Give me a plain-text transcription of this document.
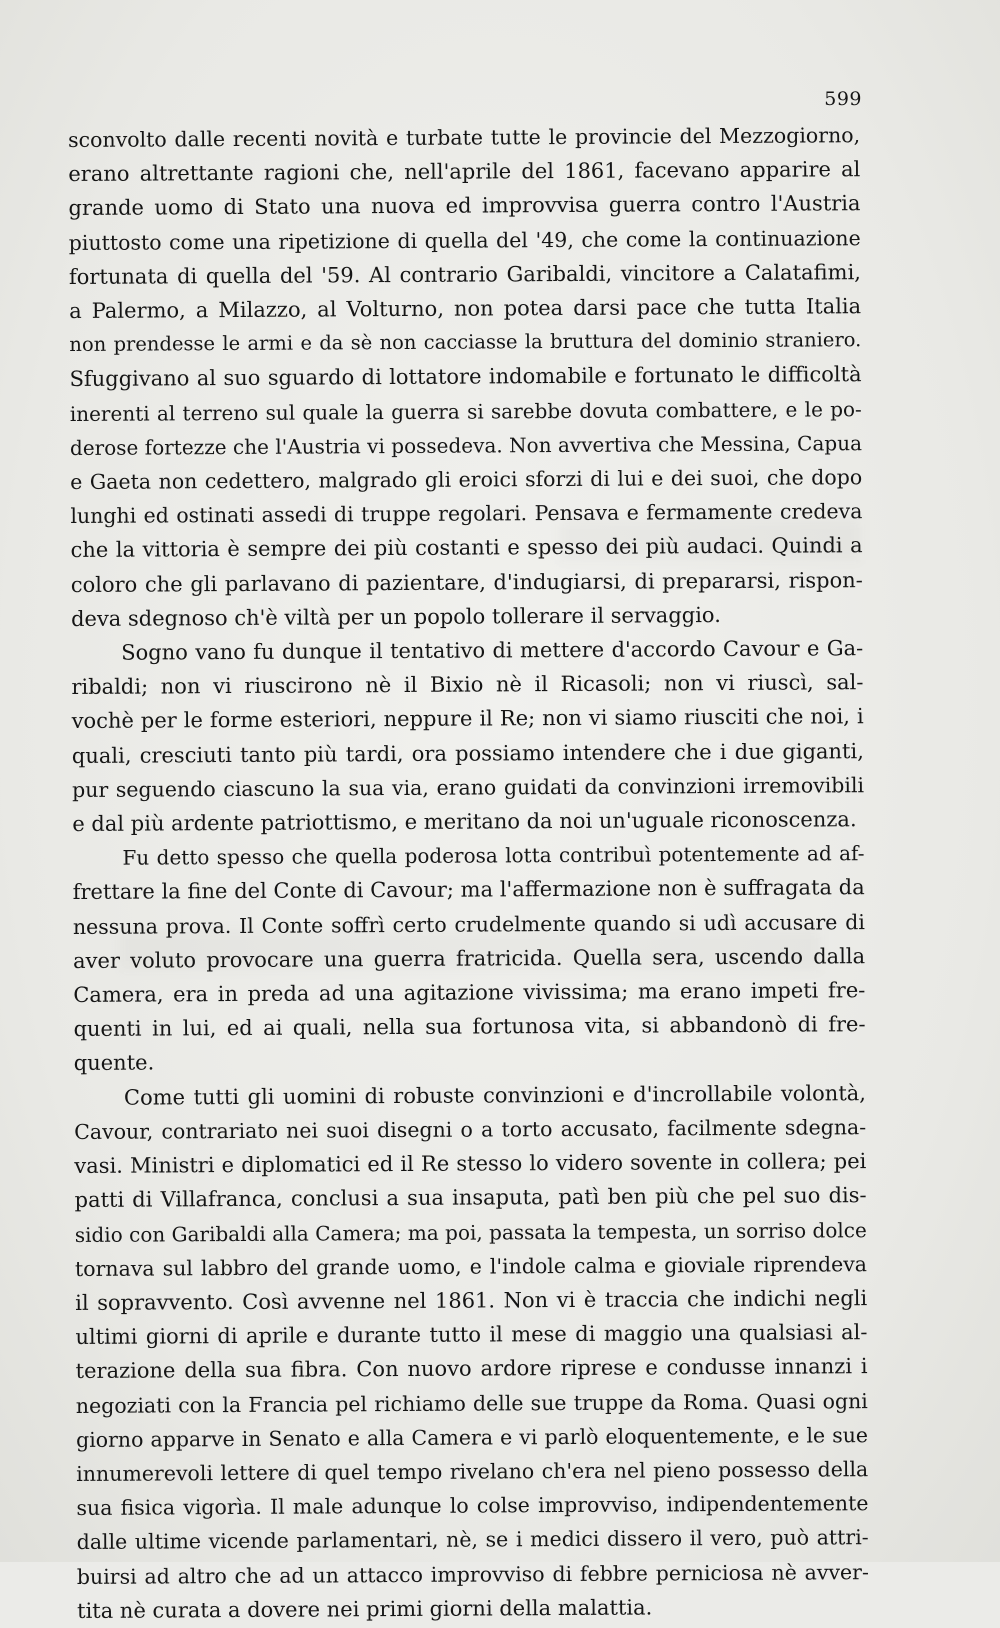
599

sconvolto dalle recenti novità e turbate tutte le provincie del Mezzogiorno,
erano altrettante ragioni che, nell'aprile del 1861, facevano apparire al
grande uomo di Stato una nuova ed improvvisa guerra contro l'Austria
piuttosto come una ripetizione di quella del '49, che come la continuazione
fortunata di quella del '59. Al contrario Garibaldi, vincitore a Calatafimi,
a Palermo, a Milazzo, al Volturno, non potea darsi pace che tutta Italia
non prendesse le armi e da sè non cacciasse la bruttura del dominio straniero.
Sfuggivano al suo sguardo di lottatore indomabile e fortunato le difficoltà
inerenti al terreno sul quale la guerra si sarebbe dovuta combattere, e le po-
derose fortezze che l'Austria vi possedeva. Non avvertiva che Messina, Capua
e Gaeta non cedettero, malgrado gli eroici sforzi di lui e dei suoi, che dopo
lunghi ed ostinati assedi di truppe regolari. Pensava e fermamente credeva
che la vittoria è sempre dei più costanti e spesso dei più audaci. Quindi a
coloro che gli parlavano di pazientare, d'indugiarsi, di prepararsi, rispon-
deva sdegnoso ch'è viltà per un popolo tollerare il servaggio.

Sogno vano fu dunque il tentativo di mettere d'accordo Cavour e Ga-
ribaldi; non vi riuscirono nè il Bixio nè il Ricasoli; non vi riuscì, sal-
vochè per le forme esteriori, neppure il Re; non vi siamo riusciti che noi, i
quali, cresciuti tanto più tardi, ora possiamo intendere che i due giganti,
pur seguendo ciascuno la sua via, erano guidati da convinzioni irremovibili
e dal più ardente patriottismo, e meritano da noi un'uguale riconoscenza.

Fu detto spesso che quella poderosa lotta contribuì potentemente ad af-
frettare la fine del Conte di Cavour; ma l'affermazione non è suffragata da
nessuna prova. Il Conte soffrì certo crudelmente quando si udì accusare di
aver voluto provocare una guerra fratricida. Quella sera, uscendo dalla
Camera, era in preda ad una agitazione vivissima; ma erano impeti fre-
quenti in lui, ed ai quali, nella sua fortunosa vita, si abbandonò di fre-
quente.

Come tutti gli uomini di robuste convinzioni e d'incrollabile volontà,
Cavour, contrariato nei suoi disegni o a torto accusato, facilmente sdegna-
vasi. Ministri e diplomatici ed il Re stesso lo videro sovente in collera; pei
patti di Villafranca, conclusi a sua insaputa, patì ben più che pel suo dis-
sidio con Garibaldi alla Camera; ma poi, passata la tempesta, un sorriso dolce
tornava sul labbro del grande uomo, e l'indole calma e gioviale riprendeva
il sopravvento. Così avvenne nel 1861. Non vi è traccia che indichi negli
ultimi giorni di aprile e durante tutto il mese di maggio una qualsiasi al-
terazione della sua fibra. Con nuovo ardore riprese e condusse innanzi i
negoziati con la Francia pel richiamo delle sue truppe da Roma. Quasi ogni
giorno apparve in Senato e alla Camera e vi parlò eloquentemente, e le sue
innumerevoli lettere di quel tempo rivelano ch'era nel pieno possesso della
sua fisica vigorìa. Il male adunque lo colse improvviso, indipendentemente
dalle ultime vicende parlamentari, nè, se i medici dissero il vero, può attri-
buirsi ad altro che ad un attacco improvviso di febbre perniciosa nè avver-
tita nè curata a dovere nei primi giorni della malattia.
